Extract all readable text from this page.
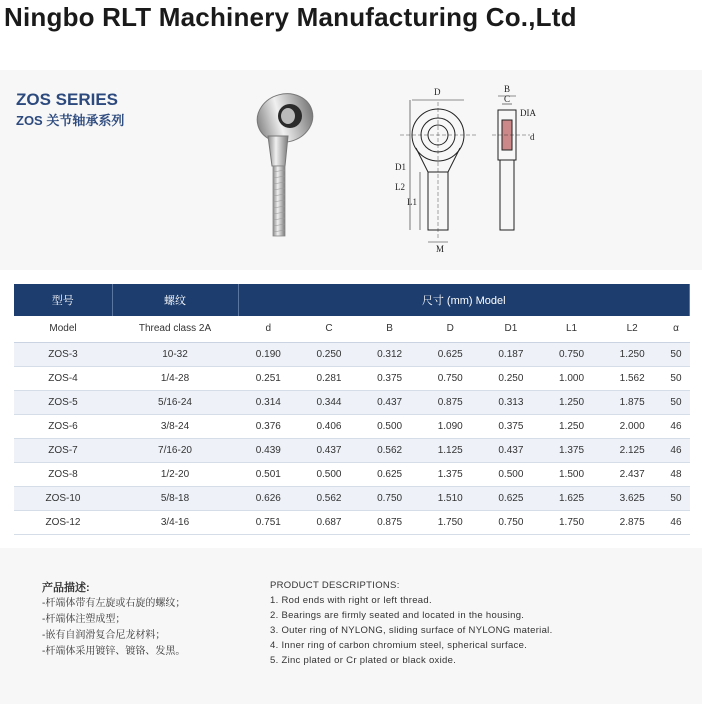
Ningbo RLT Machinery Manufacturing Co.,Ltd
ZOS SERIES
ZOS 关节轴承系列
D
L2
L1
D1
M
B
C
DIA
d
型号	螺纹	尺寸 (mm) Model							
Model	Thread class 2A	d	C	B	D	D1	L1	L2	α
ZOS-3	10-32	0.190	0.250	0.312	0.625	0.187	0.750	1.250	50
ZOS-4	1/4-28	0.251	0.281	0.375	0.750	0.250	1.000	1.562	50
ZOS-5	5/16-24	0.314	0.344	0.437	0.875	0.313	1.250	1.875	50
ZOS-6	3/8-24	0.376	0.406	0.500	1.090	0.375	1.250	2.000	46
ZOS-7	7/16-20	0.439	0.437	0.562	1.125	0.437	1.375	2.125	46
ZOS-8	1/2-20	0.501	0.500	0.625	1.375	0.500	1.500	2.437	48
ZOS-10	5/8-18	0.626	0.562	0.750	1.510	0.625	1.625	3.625	50
ZOS-12	3/4-16	0.751	0.687	0.875	1.750	0.750	1.750	2.875	46
产品描述:
-杆端体带有左旋或右旋的螺纹；
-杆端体注塑成型；
-嵌有自润滑复合尼龙材料；
-杆端体采用镀锌、镀铬、发黑。
PRODUCT DESCRIPTIONS:
1. Rod ends with right or left thread.
2. Bearings are firmly seated and located in the housing.
3. Outer ring of NYLONG, sliding surface of NYLONG material.
4. Inner ring of carbon chromium steel, spherical surface.
5. Zinc plated or Cr plated or black oxide.
